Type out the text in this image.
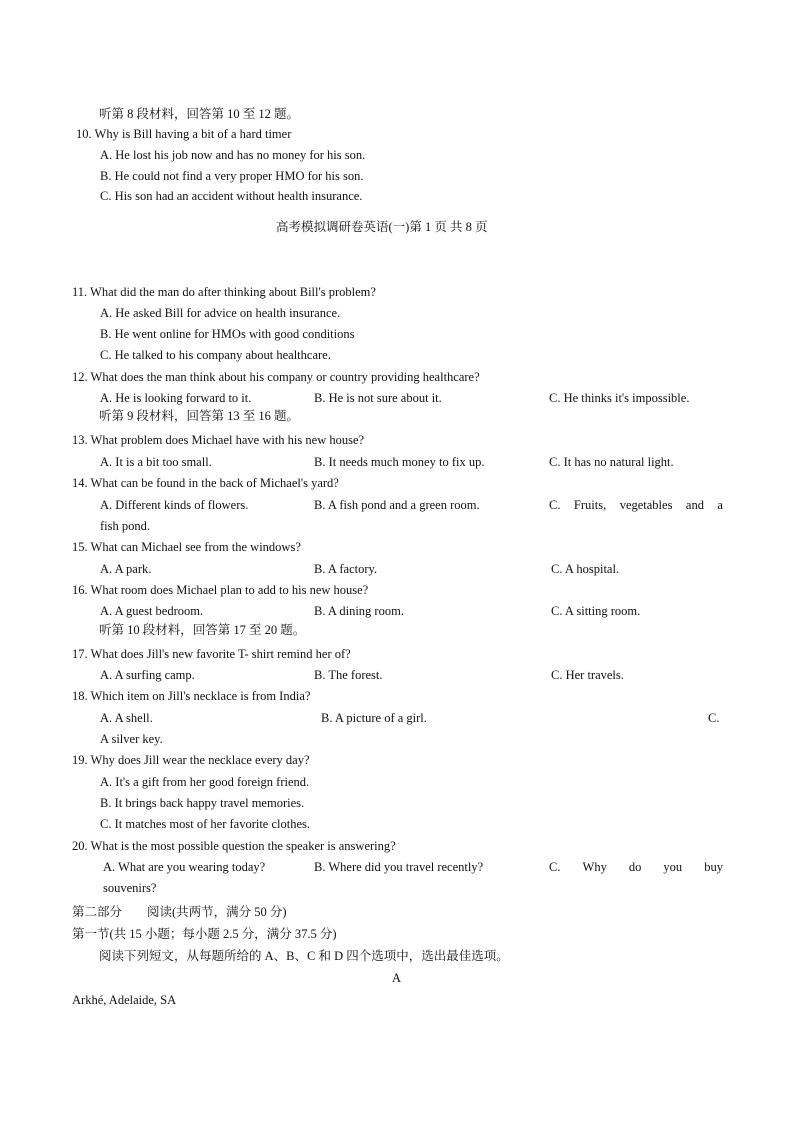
听第 8 段材料，回答第 10 至 12 题。
10. Why is Bill having a bit of a hard timer
A. He lost his job now and has no money for his son.
B. He could not find a very proper HMO for his son.
C. His son had an accident without health insurance.
高考模拟调研卷英语(一)第 1 页 共 8 页
11. What did the man do after thinking about Bill's problem?
A. He asked Bill for advice on health insurance.
B. He went online for HMOs with good conditions
C. He talked to his company about healthcare.
12. What does the man think about his company or country providing healthcare?
A. He is looking forward to it.	B. He is not sure about it.	C. He thinks it's impossible.
听第 9 段材料，回答第 13 至 16 题。
13. What problem does Michael have with his new house?
A. It is a bit too small.	B. It needs much money to fix up.	C. It has no natural light.
14. What can be found in the back of Michael's yard?
A. Different kinds of flowers.	B. A fish pond and a green room.	C. Fruits, vegetables and a
fish pond.
15. What can Michael see from the windows?
A. A park.	B. A factory.	C. A hospital.
16. What room does Michael plan to add to his new house?
A. A guest bedroom.	B. A dining room.	C. A sitting room.
听第 10 段材料，回答第 17 至 20 题。
17. What does Jill's new favorite T- shirt remind her of?
A. A surfing camp.	B. The forest.	C. Her travels.
18. Which item on Jill's necklace is from India?
A. A shell.	B. A picture of a girl.	C.
A silver key.
19. Why does Jill wear the necklace every day?
A. It's a gift from her good foreign friend.
B. It brings back happy travel memories.
C. It matches most of her favorite clothes.
20. What is the most possible question the speaker is answering?
A. What are you wearing today?	B. Where did you travel recently?	C. Why do you buy
souvenirs?
第二部分        阅读(共两节，满分 50 分)
第一节(共 15 小题；每小题 2.5 分，满分 37.5 分)
阅读下列短文，从每题所给的 A、B、C 和 D 四个选项中，选出最佳选项。
A
Arkhé, Adelaide, SA
